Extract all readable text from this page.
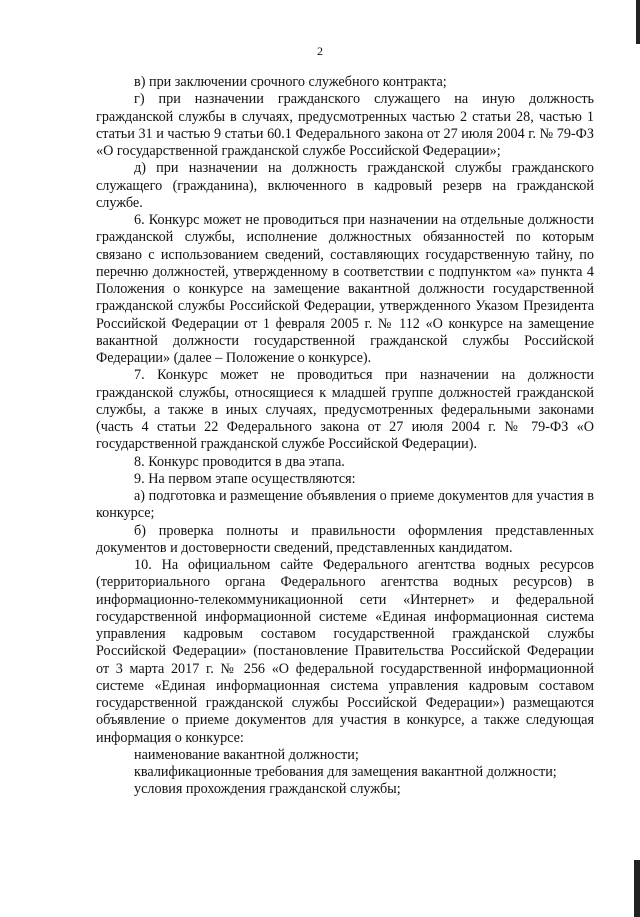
2

в) при заключении срочного служебного контракта;

г) при назначении гражданского служащего на иную должность гражданской службы в случаях, предусмотренных частью 2 статьи 28, частью 1 статьи 31 и частью 9 статьи 60.1 Федерального закона от 27 июля 2004 г. № 79-ФЗ «О государственной гражданской службе Российской Федерации»;

д) при назначении на должность гражданской службы гражданского служащего (гражданина), включенного в кадровый резерв на гражданской службе.

6. Конкурс может не проводиться при назначении на отдельные должности гражданской службы, исполнение должностных обязанностей по которым связано с использованием сведений, составляющих государственную тайну, по перечню должностей, утвержденному в соответствии с подпунктом «а» пункта 4 Положения о конкурсе на замещение вакантной должности государственной гражданской службы Российской Федерации, утвержденного Указом Президента Российской Федерации от 1 февраля 2005 г. № 112 «О конкурсе на замещение вакантной должности государственной гражданской службы Российской Федерации» (далее – Положение о конкурсе).

7. Конкурс может не проводиться при назначении на должности гражданской службы, относящиеся к младшей группе должностей гражданской службы, а также в иных случаях, предусмотренных федеральными законами (часть 4 статьи 22 Федерального закона от 27 июля 2004 г. № 79-ФЗ «О государственной гражданской службе Российской Федерации).

8. Конкурс проводится в два этапа.

9. На первом этапе осуществляются:

а) подготовка и размещение объявления о приеме документов для участия в конкурсе;

б) проверка полноты и правильности оформления представленных документов и достоверности сведений, представленных кандидатом.

10. На официальном сайте Федерального агентства водных ресурсов (территориального органа Федерального агентства водных ресурсов) в информационно-телекоммуникационной сети «Интернет» и федеральной государственной информационной системе «Единая информационная система управления кадровым составом государственной гражданской службы Российской Федерации» (постановление Правительства Российской Федерации от 3 марта 2017 г. № 256 «О федеральной государственной информационной системе «Единая информационная система управления кадровым составом государственной гражданской службы Российской Федерации») размещаются объявление о приеме документов для участия в конкурсе, а также следующая информация о конкурсе:

наименование вакантной должности;

квалификационные требования для замещения вакантной должности;

условия прохождения гражданской службы;
